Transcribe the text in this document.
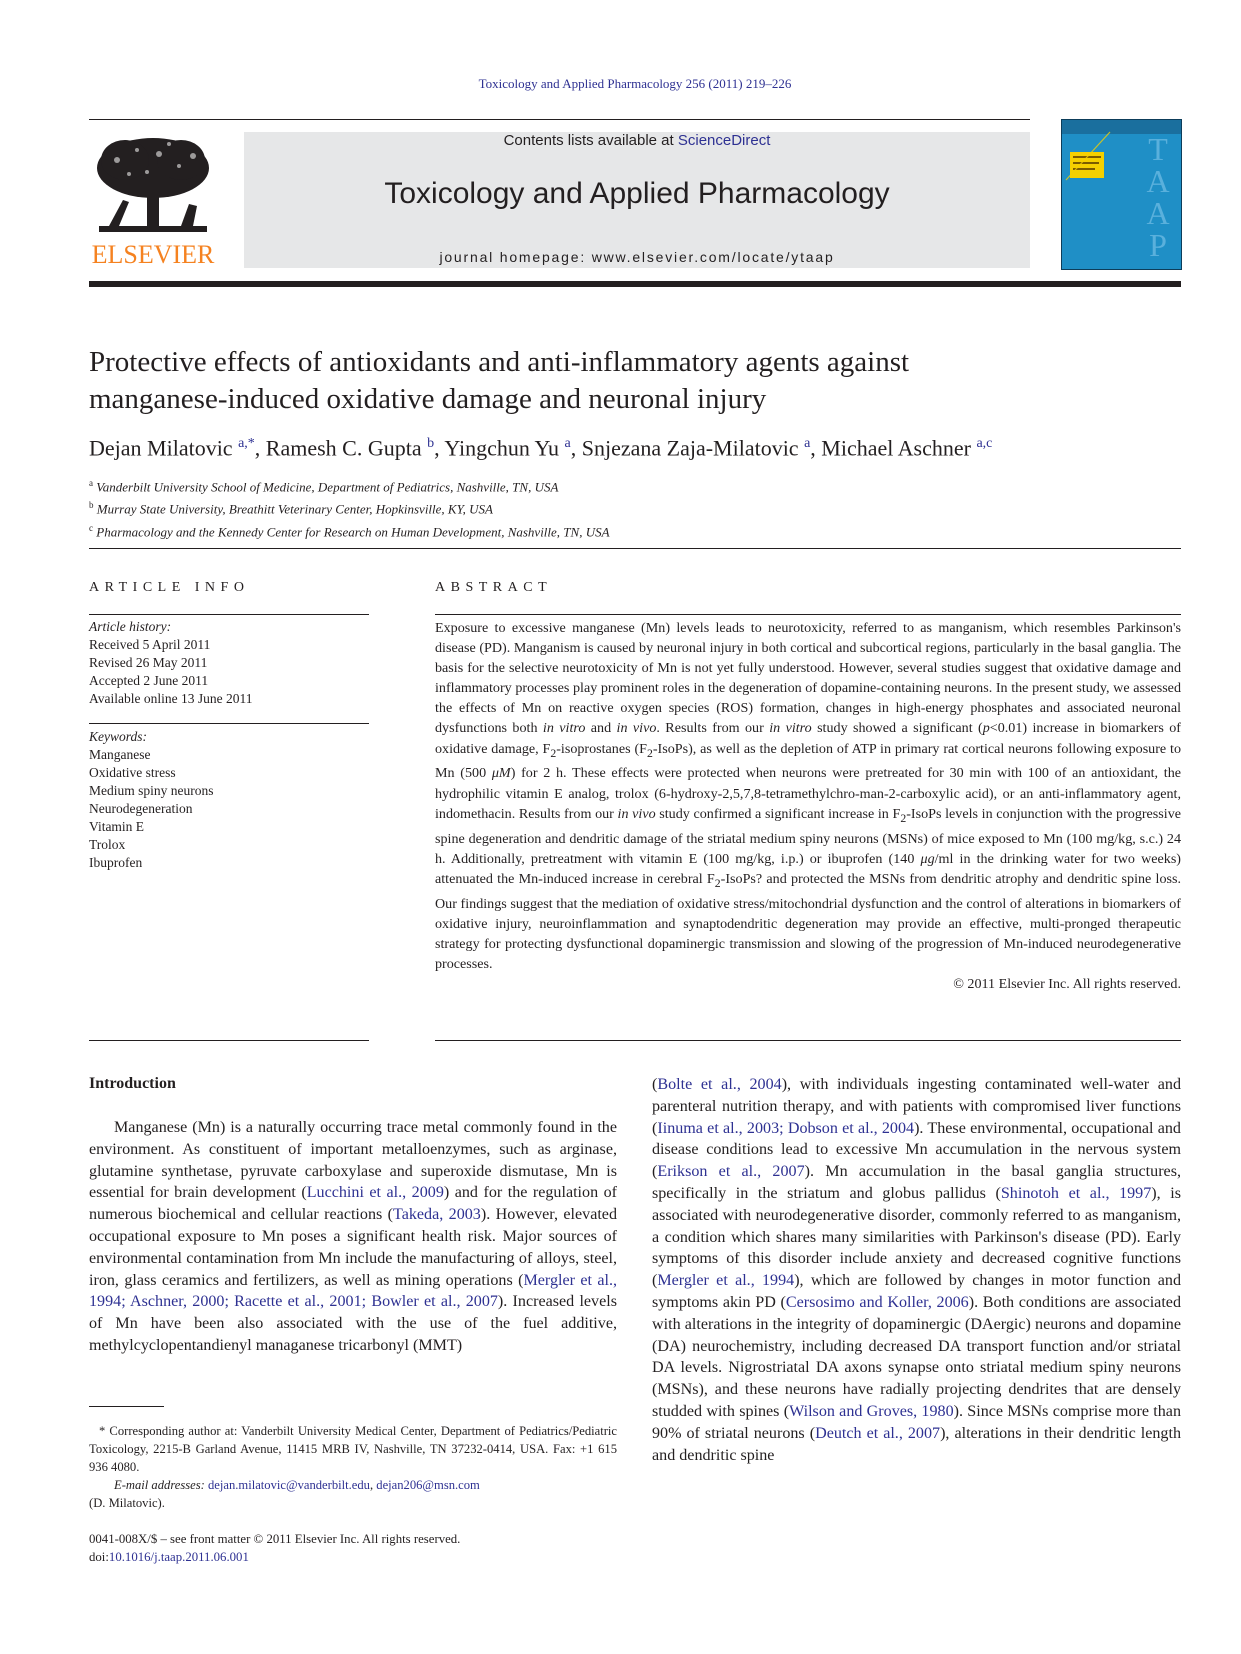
Toxicology and Applied Pharmacology 256 (2011) 219–226
ELSEVIER
Contents lists available at ScienceDirect
Toxicology and Applied Pharmacology
journal homepage: www.elsevier.com/locate/ytaap
T
A
A
P
Protective effects of antioxidants and anti-inflammatory agents against
manganese-induced oxidative damage and neuronal injury
Dejan Milatovic $^{a,*}$, Ramesh C. Gupta $^b$, Yingchun Yu $^a$, Snjezana Zaja-Milatovic $^a$, Michael Aschner $^{a,c}$
$^a$ Vanderbilt University School of Medicine, Department of Pediatrics, Nashville, TN, USA
$^b$ Murray State University, Breathitt Veterinary Center, Hopkinsville, KY, USA
$^c$ Pharmacology and the Kennedy Center for Research on Human Development, Nashville, TN, USA
ARTICLE INFO
Article history:
Received 5 April 2011
Revised 26 May 2011
Accepted 2 June 2011
Available online 13 June 2011
Keywords:
Manganese
Oxidative stress
Medium spiny neurons
Neurodegeneration
Vitamin E
Trolox
Ibuprofen
ABSTRACT
Exposure to excessive manganese (Mn) levels leads to neurotoxicity, referred to as manganism, which resembles Parkinson's disease (PD). Manganism is caused by neuronal injury in both cortical and subcortical regions, particularly in the basal ganglia. The basis for the selective neurotoxicity of Mn is not yet fully understood. However, several studies suggest that oxidative damage and inflammatory processes play prominent roles in the degeneration of dopamine-containing neurons. In the present study, we assessed the effects of Mn on reactive oxygen species (ROS) formation, changes in high-energy phosphates and associated neuronal dysfunctions both in vitro and in vivo. Results from our in vitro study showed a significant (p<0.01) increase in biomarkers of oxidative damage, $F_2$-isoprostanes $(F_2-IsoPs)$, as well as the depletion of ATP in primary rat cortical neurons following exposure to Mn (500 μM) for 2 h. These effects were protected when neurons were pretreated for 30 min with 100 of an antioxidant, the hydrophilic vitamin E analog, trolox (6-hydroxy-2,5,7,8-tetramethylchro-man-2-carboxylic acid), or an anti-inflammatory agent, indomethacin. Results from our in vivo study confirmed a significant increase in $F_2$-IsoPs levels in conjunction with the progressive spine degeneration and dendritic damage of the striatal medium spiny neurons (MSNs) of mice exposed to Mn (100 mg/kg, s.c.) 24 h. Additionally, pretreatment with vitamin E (100 mg/kg, i.p.) or ibuprofen (140 μg/ml in the drinking water for two weeks) attenuated the Mn-induced increase in cerebral $F_2$-IsoPs? and protected the MSNs from dendritic atrophy and dendritic spine loss. Our findings suggest that the mediation of oxidative stress/mitochondrial dysfunction and the control of alterations in biomarkers of oxidative injury, neuroinflammation and synaptodendritic degeneration may provide an effective, multi-pronged therapeutic strategy for protecting dysfunctional dopaminergic transmission and slowing of the progression of Mn-induced neurodegenerative processes.
© 2011 Elsevier Inc. All rights reserved.
Introduction
Manganese (Mn) is a naturally occurring trace metal commonly found in the environment. As constituent of important metalloenzymes, such as arginase, glutamine synthetase, pyruvate carboxylase and superoxide dismutase, Mn is essential for brain development (Lucchini et al., 2009) and for the regulation of numerous biochemical and cellular reactions (Takeda, 2003). However, elevated occupational exposure to Mn poses a significant health risk. Major sources of environmental contamination from Mn include the manufacturing of alloys, steel, iron, glass ceramics and fertilizers, as well as mining operations (Mergler et al., 1994; Aschner, 2000; Racette et al., 2001; Bowler et al., 2007). Increased levels of Mn have been also associated with the use of the fuel additive, methylcyclopentandienyl managanese tricarbonyl (MMT)
(Bolte et al., 2004), with individuals ingesting contaminated well-water and parenteral nutrition therapy, and with patients with compromised liver functions (Iinuma et al., 2003; Dobson et al., 2004). These environmental, occupational and disease conditions lead to excessive Mn accumulation in the nervous system (Erikson et al., 2007). Mn accumulation in the basal ganglia structures, specifically in the striatum and globus pallidus (Shinotoh et al., 1997), is associated with neurodegenerative disorder, commonly referred to as manganism, a condition which shares many similarities with Parkinson's disease (PD). Early symptoms of this disorder include anxiety and decreased cognitive functions (Mergler et al., 1994), which are followed by changes in motor function and symptoms akin PD (Cersosimo and Koller, 2006). Both conditions are associated with alterations in the integrity of dopaminergic (DAergic) neurons and dopamine (DA) neurochemistry, including decreased DA transport function and/or striatal DA levels. Nigrostriatal DA axons synapse onto striatal medium spiny neurons (MSNs), and these neurons have radially projecting dendrites that are densely studded with spines (Wilson and Groves, 1980). Since MSNs comprise more than 90% of striatal neurons (Deutch et al., 2007), alterations in their dendritic length and dendritic spine
* Corresponding author at: Vanderbilt University Medical Center, Department of Pediatrics/Pediatric Toxicology, 2215-B Garland Avenue, 11415 MRB IV, Nashville, TN 37232-0414, USA. Fax: +1 615 936 4080.
E-mail addresses: dejan.milatovic@vanderbilt.edu, dejan206@msn.com
(D. Milatovic).
0041-008X/$ – see front matter © 2011 Elsevier Inc. All rights reserved.
doi:10.1016/j.taap.2011.06.001
